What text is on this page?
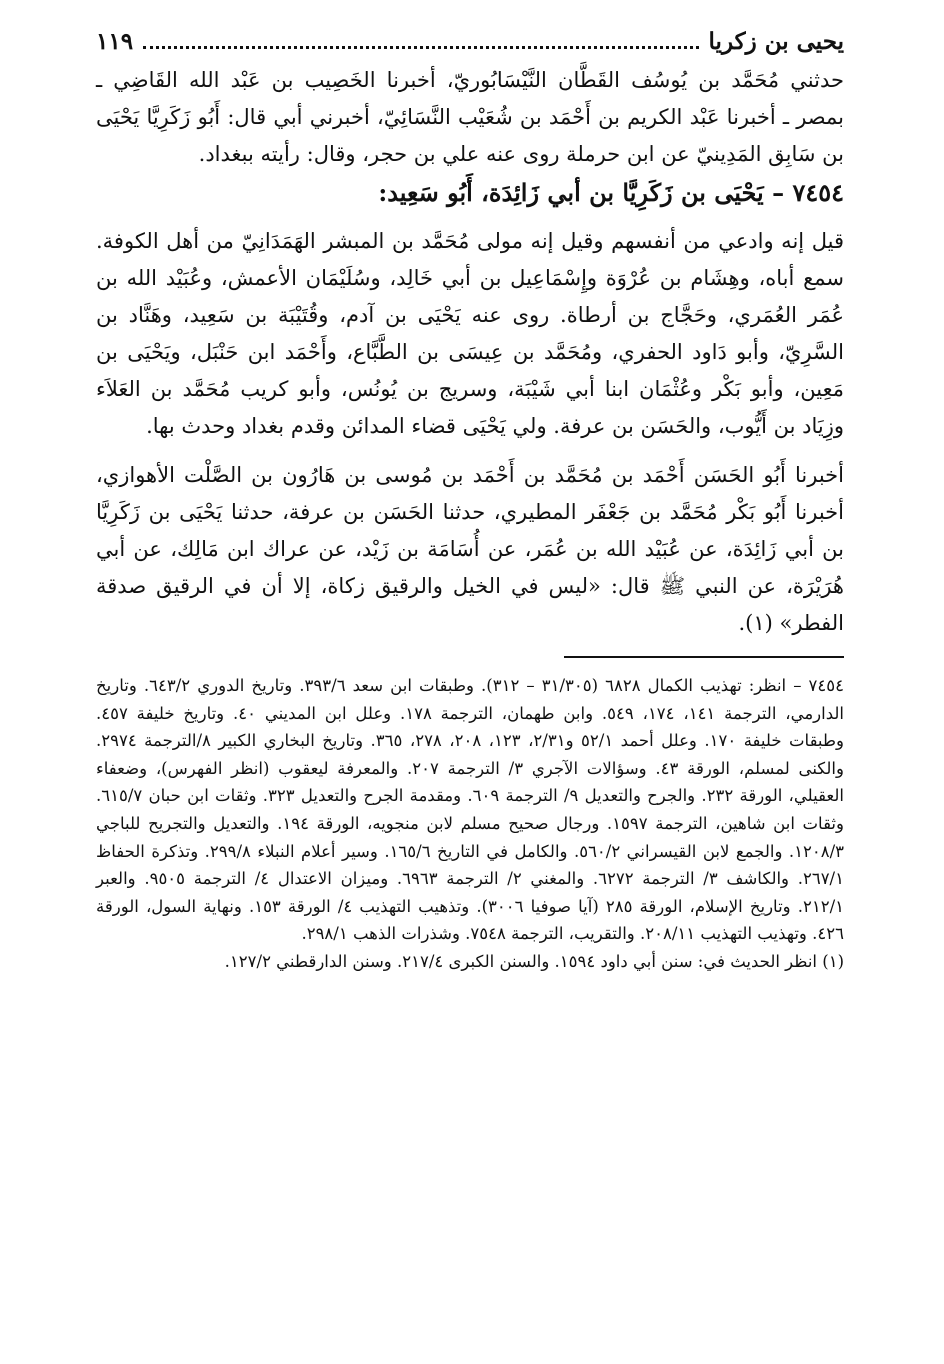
يحيى بن زكريا
١١٩

حدثني مُحَمَّد بن يُوسُف القَطَّان النَّيْسَابُوريّ، أخبرنا الخَصِيب بن عَبْد الله القَاضِي ـ بمصر ـ أخبرنا عَبْد الكريم بن أَحْمَد بن شُعَيْب النَّسَائِيّ، أخبرني أبي قال: أَبُو زَكَرِيَّا يَحْيَى بن سَابِق المَدِينيّ عن ابن حرملة روى عنه علي بن حجر، وقال: رأيته ببغداد.

٧٤٥٤ – يَحْيَى بن زَكَرِيَّا بن أبي زَائِدَة، أَبُو سَعِيد:

قيل إنه وادعي من أنفسهم وقيل إنه مولى مُحَمَّد بن المبشر الهَمَدَانِيّ من أهل الكوفة. سمع أباه، وهِشَام بن عُرْوَة وإِسْمَاعِيل بن أبي خَالِد، وسُلَيْمَان الأعمش، وعُبَيْد الله بن عُمَر العُمَري، وحَجَّاج بن أرطاة. روى عنه يَحْيَى بن آدم، وقُتَيْبَة بن سَعِيد، وهَنَّاد بن السَّرِيّ، وأبو دَاود الحفري، ومُحَمَّد بن عِيسَى بن الطَّبَّاع، وأَحْمَد ابن حَنْبَل، ويَحْيَى بن مَعِين، وأبو بَكْر وعُثْمَان ابنا أبي شَيْبَة، وسريج بن يُونُس، وأبو كريب مُحَمَّد بن العَلاَء وزِيَاد بن أَيُّوب، والحَسَن بن عرفة. ولي يَحْيَى قضاء المدائن وقدم بغداد وحدث بها.

أخبرنا أَبُو الحَسَن أَحْمَد بن مُحَمَّد بن أَحْمَد بن مُوسى بن هَارُون بن الصَّلْت الأهوازي، أخبرنا أَبُو بَكْر مُحَمَّد بن جَعْفَر المطيري، حدثنا الحَسَن بن عرفة، حدثنا يَحْيَى بن زَكَرِيَّا بن أبي زَائِدَة، عن عُبَيْد الله بن عُمَر، عن أُسَامَة بن زَيْد، عن عراك ابن مَالِك، عن أبي هُرَيْرَة، عن النبي ﷺ قال: «ليس في الخيل والرقيق زكاة، إلا أن في الرقيق صدقة الفطر» (١).

٧٤٥٤ – انظر: تهذيب الكمال ٦٨٢٨ (٣١/٣٠٥ – ٣١٢). وطبقات ابن سعد ٣٩٣/٦. وتاريخ الدوري ٦٤٣/٢. وتاريخ الدارمي، الترجمة ١٤١، ١٧٤، ٥٤٩. وابن طهمان، الترجمة ١٧٨. وعلل ابن المديني ٤٠. وتاريخ خليفة ٤٥٧. وطبقات خليفة ١٧٠. وعلل أحمد ٥٢/١ و٢/٣١، ١٢٣، ٢٠٨، ٢٧٨، ٣٦٥. وتاريخ البخاري الكبير ٨/الترجمة ٢٩٧٤. والكنى لمسلم، الورقة ٤٣. وسؤالات الآجري ٣/ الترجمة ٢٠٧. والمعرفة ليعقوب (انظر الفهرس)، وضعفاء العقيلي، الورقة ٢٣٢. والجرح والتعديل ٩/ الترجمة ٦٠٩. ومقدمة الجرح والتعديل ٣٢٣. وثقات ابن حبان ٦١٥/٧. وثقات ابن شاهين، الترجمة ١٥٩٧. ورجال صحيح مسلم لابن منجويه، الورقة ١٩٤. والتعديل والتجريح للباجي ١٢٠٨/٣. والجمع لابن القيسراني ٥٦٠/٢. والكامل في التاريخ ١٦٥/٦. وسير أعلام النبلاء ٢٩٩/٨. وتذكرة الحفاظ ٢٦٧/١. والكاشف ٣/ الترجمة ٦٢٧٢. والمغني ٢/ الترجمة ٦٩٦٣. وميزان الاعتدال ٤/ الترجمة ٩٥٠٥. والعبر ٢١٢/١. وتاريخ الإسلام، الورقة ٢٨٥ (آيا صوفيا ٣٠٠٦). وتذهيب التهذيب ٤/ الورقة ١٥٣. ونهاية السول، الورقة ٤٢٦. وتهذيب التهذيب ٢٠٨/١١. والتقريب، الترجمة ٧٥٤٨. وشذرات الذهب ٢٩٨/١.

(١) انظر الحديث في: سنن أبي داود ١٥٩٤. والسنن الكبرى ٢١٧/٤. وسنن الدارقطني ١٢٧/٢.
